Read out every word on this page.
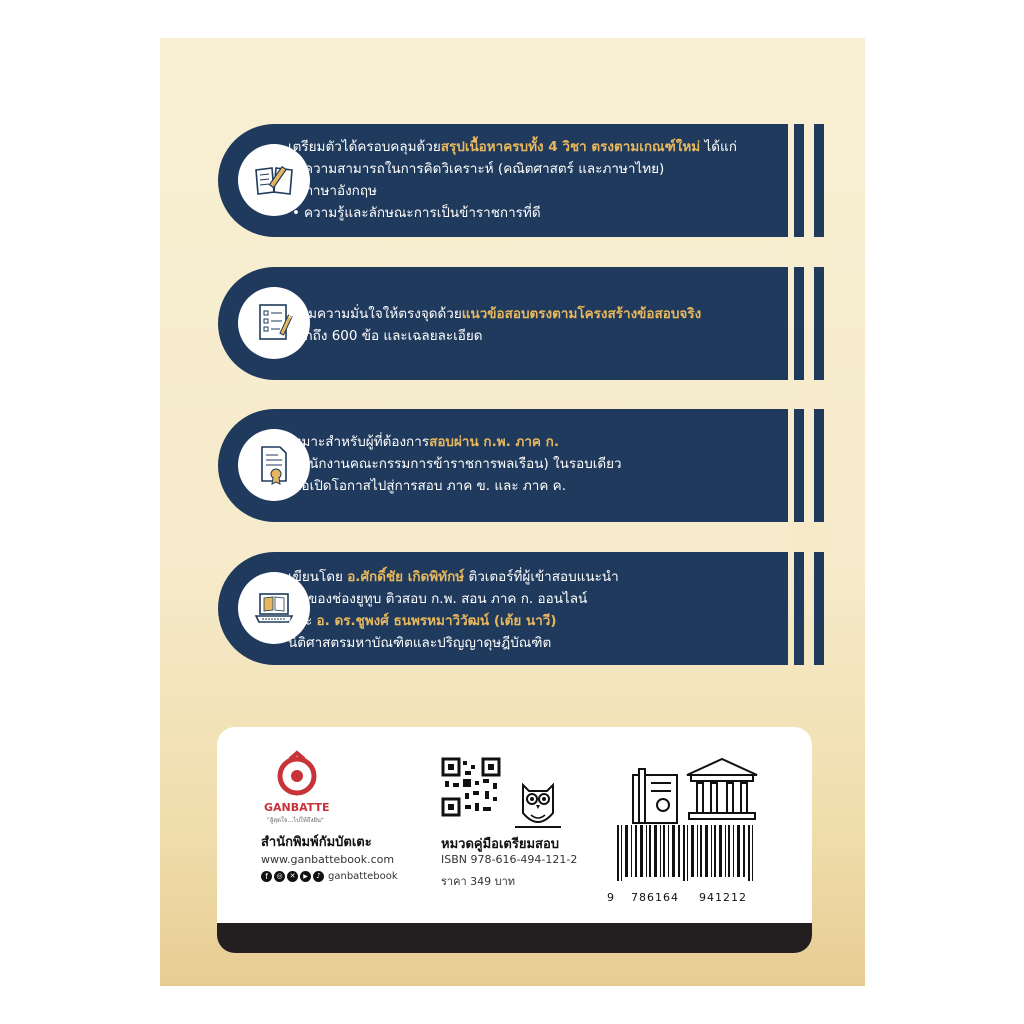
เตรียมตัวได้ครอบคลุมด้วยสรุปเนื้อหาครบทั้ง 4 วิชา ตรงตามเกณฑ์ใหม่ ได้แก่
• ความสามารถในการคิดวิเคราะห์ (คณิตศาสตร์ และภาษาไทย)
• ภาษาอังกฤษ
• ความรู้และลักษณะการเป็นข้าราชการที่ดี
เสริมความมั่นใจให้ตรงจุดด้วยแนวข้อสอบตรงตามโครงสร้างข้อสอบจริง
มากถึง 600 ข้อ และเฉลยละเอียด
เหมาะสำหรับผู้ที่ต้องการสอบผ่าน ก.พ. ภาค ก.
(สำนักงานคณะกรรมการข้าราชการพลเรือน) ในรอบเดียว
เพื่อเปิดโอกาสไปสู่การสอบ ภาค ข. และ ภาค ค.
เขียนโดย อ.ศักดิ์ชัย เกิดพิทักษ์ ติวเตอร์ที่ผู้เข้าสอบแนะนำ
เจ้าของช่องยูทูบ ติวสอบ ก.พ. สอน ภาค ก. ออนไลน์
และ อ. ดร.ชูพงศ์ ธนพรหมาวิวัฒน์ (เต้ย นาวี)
นิติศาสตรมหาบัณฑิตและปริญญาดุษฎีบัณฑิต
GANBATTE
"สู้สุดใจ...ไปให้ถึงฝัน"
สำนักพิมพ์กัมบัตเตะ
www.ganbattebook.com
f	◎	✕	▶	♪ ganbattebook
หมวดคู่มือเตรียมสอบ
ISBN 978-616-494-121-2
ราคา 349 บาท
9 786164 941212
